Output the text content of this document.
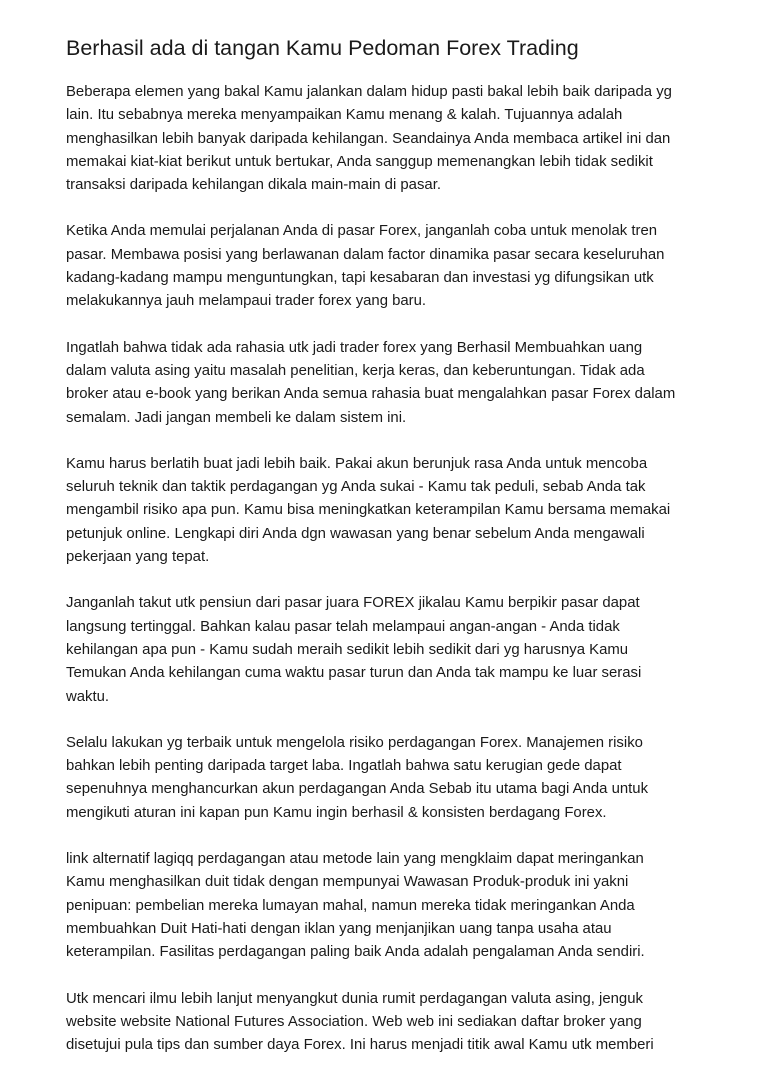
Berhasil ada di tangan Kamu Pedoman Forex Trading
Beberapa elemen yang bakal Kamu jalankan dalam hidup pasti bakal lebih baik daripada yg
lain. Itu sebabnya mereka menyampaikan Kamu menang & kalah. Tujuannya adalah
menghasilkan lebih banyak daripada kehilangan. Seandainya Anda membaca artikel ini dan
memakai kiat-kiat berikut untuk bertukar, Anda sanggup memenangkan lebih tidak sedikit
transaksi daripada kehilangan dikala main-main di pasar.
Ketika Anda memulai perjalanan Anda di pasar Forex, janganlah coba untuk menolak tren
pasar. Membawa posisi yang berlawanan dalam factor dinamika pasar secara keseluruhan
kadang-kadang mampu menguntungkan, tapi kesabaran dan investasi yg difungsikan utk
melakukannya jauh melampaui trader forex yang baru.
Ingatlah bahwa tidak ada rahasia utk jadi trader forex yang Berhasil Membuahkan uang
dalam valuta asing yaitu masalah penelitian, kerja keras, dan keberuntungan. Tidak ada
broker atau e-book yang berikan Anda semua rahasia buat mengalahkan pasar Forex dalam
semalam. Jadi jangan membeli ke dalam sistem ini.
Kamu harus berlatih buat jadi lebih baik. Pakai akun berunjuk rasa Anda untuk mencoba
seluruh teknik dan taktik perdagangan yg Anda sukai - Kamu tak peduli, sebab Anda tak
mengambil risiko apa pun. Kamu bisa meningkatkan keterampilan Kamu bersama memakai
petunjuk online. Lengkapi diri Anda dgn wawasan yang benar sebelum Anda mengawali
pekerjaan yang tepat.
Janganlah takut utk pensiun dari pasar juara FOREX jikalau Kamu berpikir pasar dapat
langsung tertinggal. Bahkan kalau pasar telah melampaui angan-angan - Anda tidak
kehilangan apa pun - Kamu sudah meraih sedikit lebih sedikit dari yg harusnya Kamu
Temukan Anda kehilangan cuma waktu pasar turun dan Anda tak mampu ke luar serasi
waktu.
Selalu lakukan yg terbaik untuk mengelola risiko perdagangan Forex. Manajemen risiko
bahkan lebih penting daripada target laba. Ingatlah bahwa satu kerugian gede dapat
sepenuhnya menghancurkan akun perdagangan Anda Sebab itu utama bagi Anda untuk
mengikuti aturan ini kapan pun Kamu ingin berhasil & konsisten berdagang Forex.
link alternatif lagiqq perdagangan atau metode lain yang mengklaim dapat meringankan
Kamu menghasilkan duit tidak dengan mempunyai Wawasan Produk-produk ini yakni
penipuan: pembelian mereka lumayan mahal, namun mereka tidak meringankan Anda
membuahkan Duit Hati-hati dengan iklan yang menjanjikan uang tanpa usaha atau
keterampilan. Fasilitas perdagangan paling baik Anda adalah pengalaman Anda sendiri.
Utk mencari ilmu lebih lanjut menyangkut dunia rumit perdagangan valuta asing, jenguk
website website National Futures Association. Web web ini sediakan daftar broker yang
disetujui pula tips dan sumber daya Forex. Ini harus menjadi titik awal Kamu utk memberi
